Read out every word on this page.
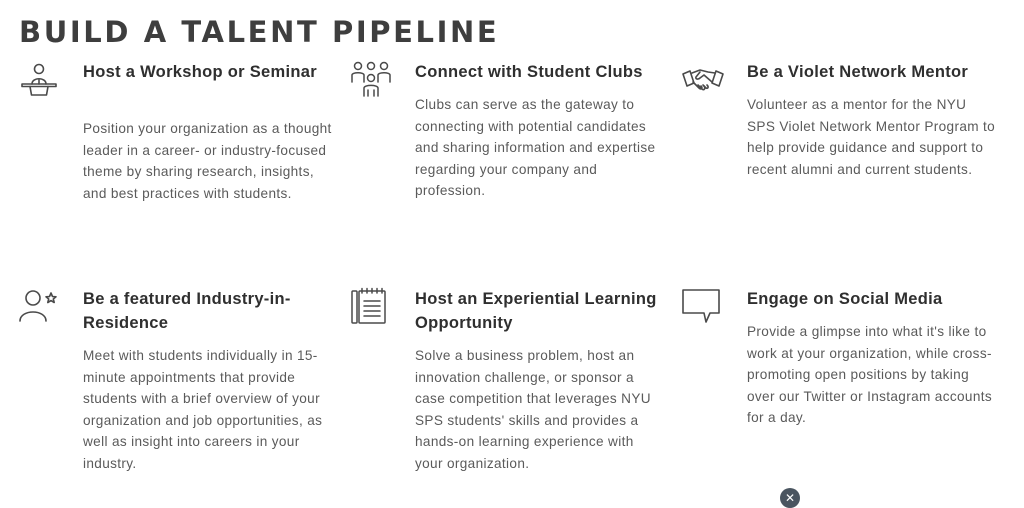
BUILD A TALENT PIPELINE
Host a Workshop or Seminar

Position your organization as a thought leader in a career- or industry-focused theme by sharing research, insights, and best practices with students.

Connect with Student Clubs

Clubs can serve as the gateway to connecting with potential candidates and sharing information and expertise regarding your company and profession.

Be a Violet Network Mentor

Volunteer as a mentor for the NYU SPS Violet Network Mentor Program to help provide guidance and support to recent alumni and current students.

Be a featured Industry-in-Residence

Meet with students individually in 15-minute appointments that provide students with a brief overview of your organization and job opportunities, as well as insight into careers in your industry.

Host an Experiential Learning Opportunity

Solve a business problem, host an innovation challenge, or sponsor a case competition that leverages NYU SPS students' skills and provides a hands-on learning experience with your organization.

Engage on Social Media

Provide a glimpse into what it's like to work at your organization, while cross-promoting open positions by taking over our Twitter or Instagram accounts for a day.

✕
